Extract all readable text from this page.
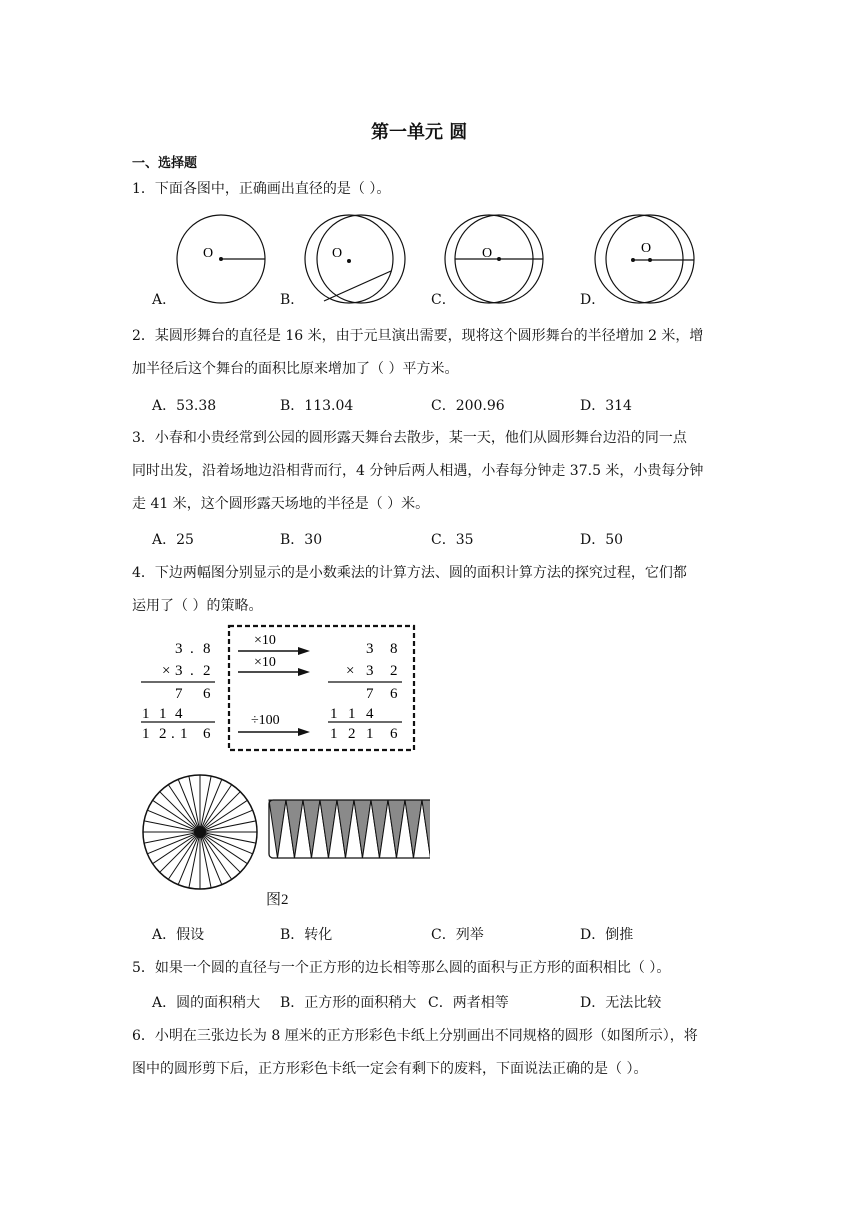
第一单元 圆
一、选择题
1．下面各图中，正确画出直径的是（ ）。
O	O	O	O
A．	B．	C．	D．
2．某圆形舞台的直径是 16 米，由于元旦演出需要，现将这个圆形舞台的半径增加 2 米，增
加半径后这个舞台的面积比原来增加了（ ）平方米。
A．53.38	B．113.04	C．200.96	D．314
3．小春和小贵经常到公园的圆形露天舞台去散步，某一天，他们从圆形舞台边沿的同一点
同时出发，沿着场地边沿相背而行，4 分钟后两人相遇，小春每分钟走 37.5 米，小贵每分钟
走 41 米，这个圆形露天场地的半径是（ ）米。
A．25	B．30	C．35	D．50
4．下边两幅图分别显示的是小数乘法的计算方法、圆的面积计算方法的探究过程，它们都
运用了（ ）的策略。
3 . 8
× 3 . 2
7 6
1 1 4
1 2 . 1 6
×10
×10
÷100
3 8
× 3 2
7 6
1 1 4
1 2 1 6
图2
A．假设	B．转化	C．列举	D．倒推
5．如果一个圆的直径与一个正方形的边长相等那么圆的面积与正方形的面积相比（ ）。
A．圆的面积稍大 B．正方形的面积稍大 C．两者相等	D．无法比较
6．小明在三张边长为 8 厘米的正方形彩色卡纸上分别画出不同规格的圆形（如图所示），将
图中的圆形剪下后，正方形彩色卡纸一定会有剩下的废料，下面说法正确的是（ ）。
